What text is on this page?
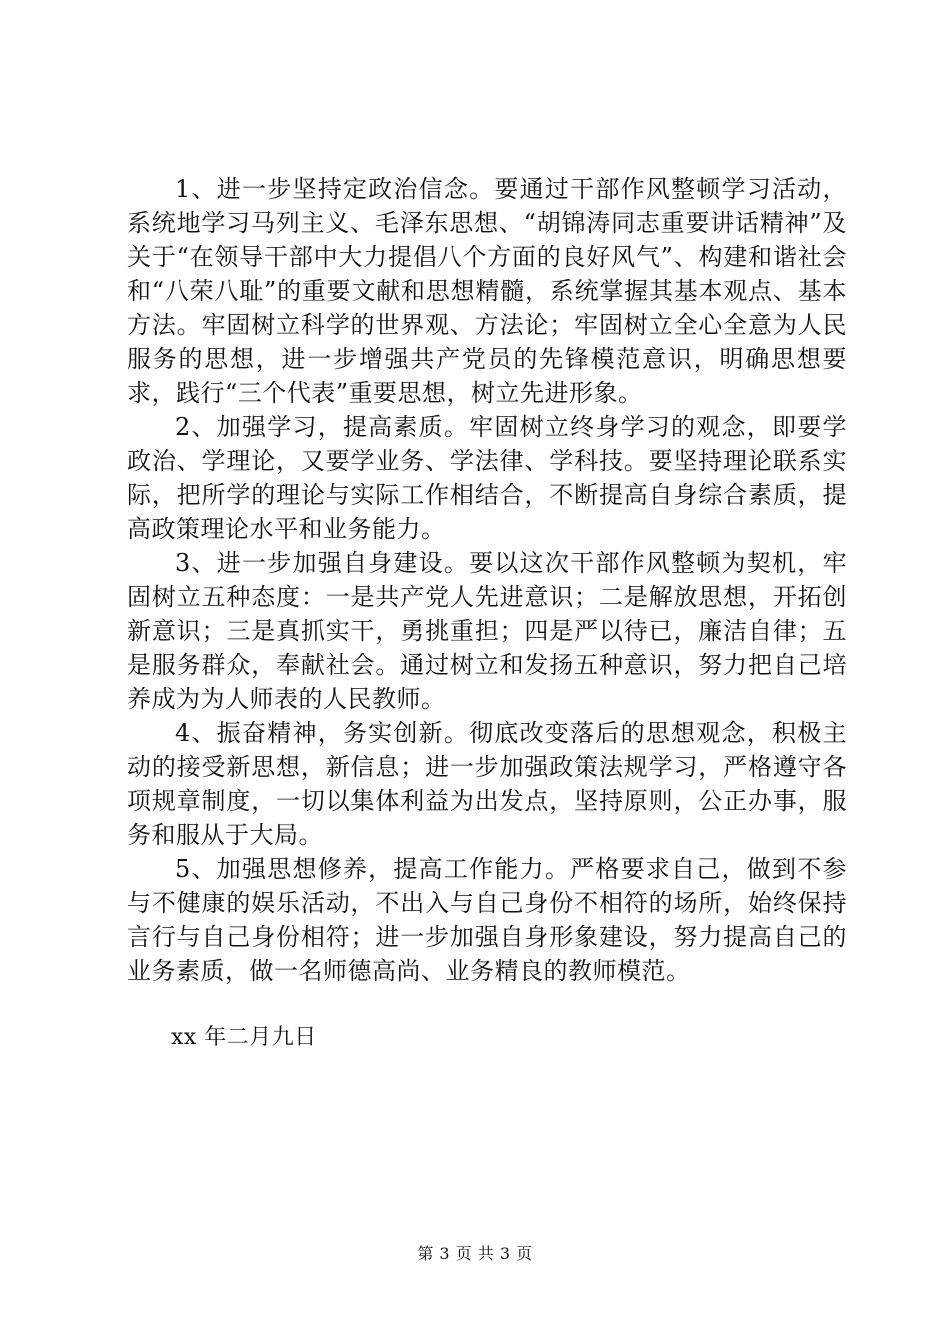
1、进一步坚持定政治信念。要通过干部作风整顿学习活动，系统地学习马列主义、毛泽东思想、“胡锦涛同志重要讲话精神”及关于“在领导干部中大力提倡八个方面的良好风气”、构建和谐社会和“八荣八耻”的重要文献和思想精髓，系统掌握其基本观点、基本方法。牢固树立科学的世界观、方法论；牢固树立全心全意为人民服务的思想，进一步增强共产党员的先锋模范意识，明确思想要求，践行“三个代表”重要思想，树立先进形象。

2、加强学习，提高素质。牢固树立终身学习的观念，即要学政治、学理论，又要学业务、学法律、学科技。要坚持理论联系实际，把所学的理论与实际工作相结合，不断提高自身综合素质，提高政策理论水平和业务能力。

3、进一步加强自身建设。要以这次干部作风整顿为契机，牢固树立五种态度：一是共产党人先进意识；二是解放思想，开拓创新意识；三是真抓实干，勇挑重担；四是严以待已，廉洁自律；五是服务群众，奉献社会。通过树立和发扬五种意识，努力把自己培养成为为人师表的人民教师。

4、振奋精神，务实创新。彻底改变落后的思想观念，积极主动的接受新思想，新信息；进一步加强政策法规学习，严格遵守各项规章制度，一切以集体利益为出发点，坚持原则，公正办事，服务和服从于大局。

5、加强思想修养，提高工作能力。严格要求自己，做到不参与不健康的娱乐活动，不出入与自己身份不相符的场所，始终保持言行与自己身份相符；进一步加强自身形象建设，努力提高自己的业务素质，做一名师德高尚、业务精良的教师模范。

xx 年二月九日

第 3 页 共 3 页
